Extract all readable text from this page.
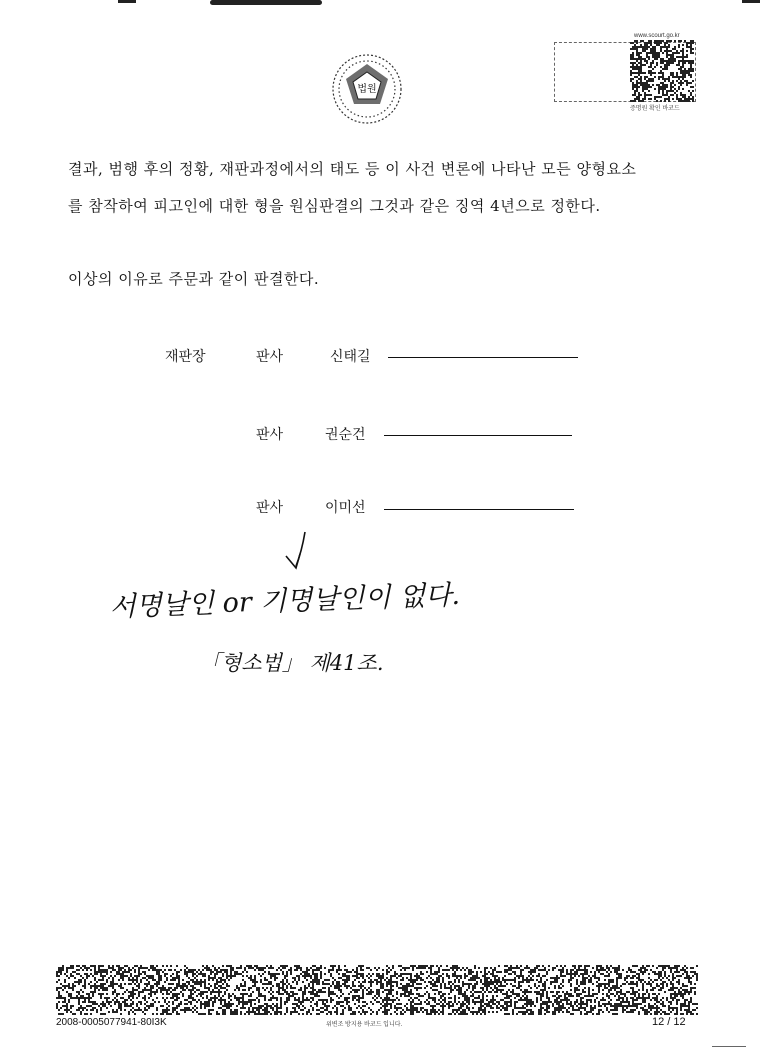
법원
www.scourt.go.kr
증명원 확인 바코드
결과, 범행 후의 정황, 재판과정에서의 태도 등 이 사건 변론에 나타난 모든 양형요소
를 참작하여 피고인에 대한 형을 원심판결의 그것과 같은 징역 4년으로 정한다.
이상의 이유로 주문과 같이 판결한다.
재판장	판사	신태길
판사	권순건
판사	이미선
서명날인 or 기명날인이 없다.
「형소법」 제41조.
2008-0005077941-80I3K	위변조 방지용 바코드 입니다.	12 / 12
